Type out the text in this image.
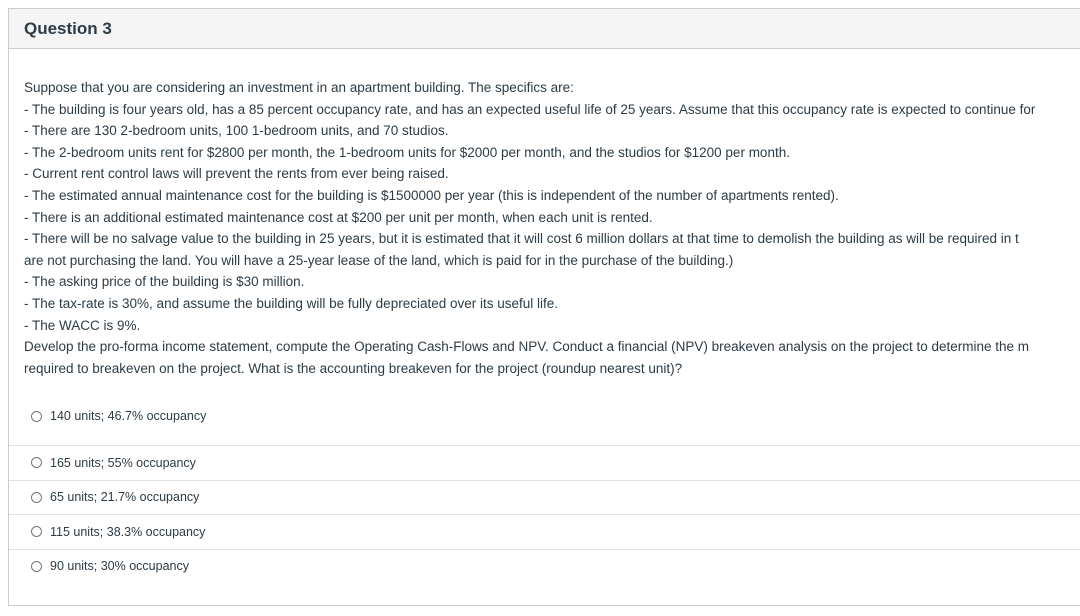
Question 3

Suppose that you are considering an investment in an apartment building. The specifics are:

- The building is four years old, has a 85 percent occupancy rate, and has an expected useful life of 25 years. Assume that this occupancy rate is expected to continue for

- There are 130 2-bedroom units, 100 1-bedroom units, and 70 studios.

- The 2-bedroom units rent for $2800 per month, the 1-bedroom units for $2000 per month, and the studios for $1200 per month.

- Current rent control laws will prevent the rents from ever being raised.

- The estimated annual maintenance cost for the building is $1500000 per year (this is independent of the number of apartments rented).

- There is an additional estimated maintenance cost at $200 per unit per month, when each unit is rented.

- There will be no salvage value to the building in 25 years, but it is estimated that it will cost 6 million dollars at that time to demolish the building as will be required in t

are not purchasing the land. You will have a 25-year lease of the land, which is paid for in the purchase of the building.)

- The asking price of the building is $30 million.

- The tax-rate is 30%, and assume the building will be fully depreciated over its useful life.

- The WACC is 9%.

Develop the pro-forma income statement, compute the Operating Cash-Flows and NPV. Conduct a financial (NPV) breakeven analysis on the project to determine the m

required to breakeven on the project. What is the accounting breakeven for the project (roundup nearest unit)?

140 units; 46.7% occupancy
165 units; 55% occupancy
65 units; 21.7% occupancy
115 units; 38.3% occupancy
90 units; 30% occupancy
